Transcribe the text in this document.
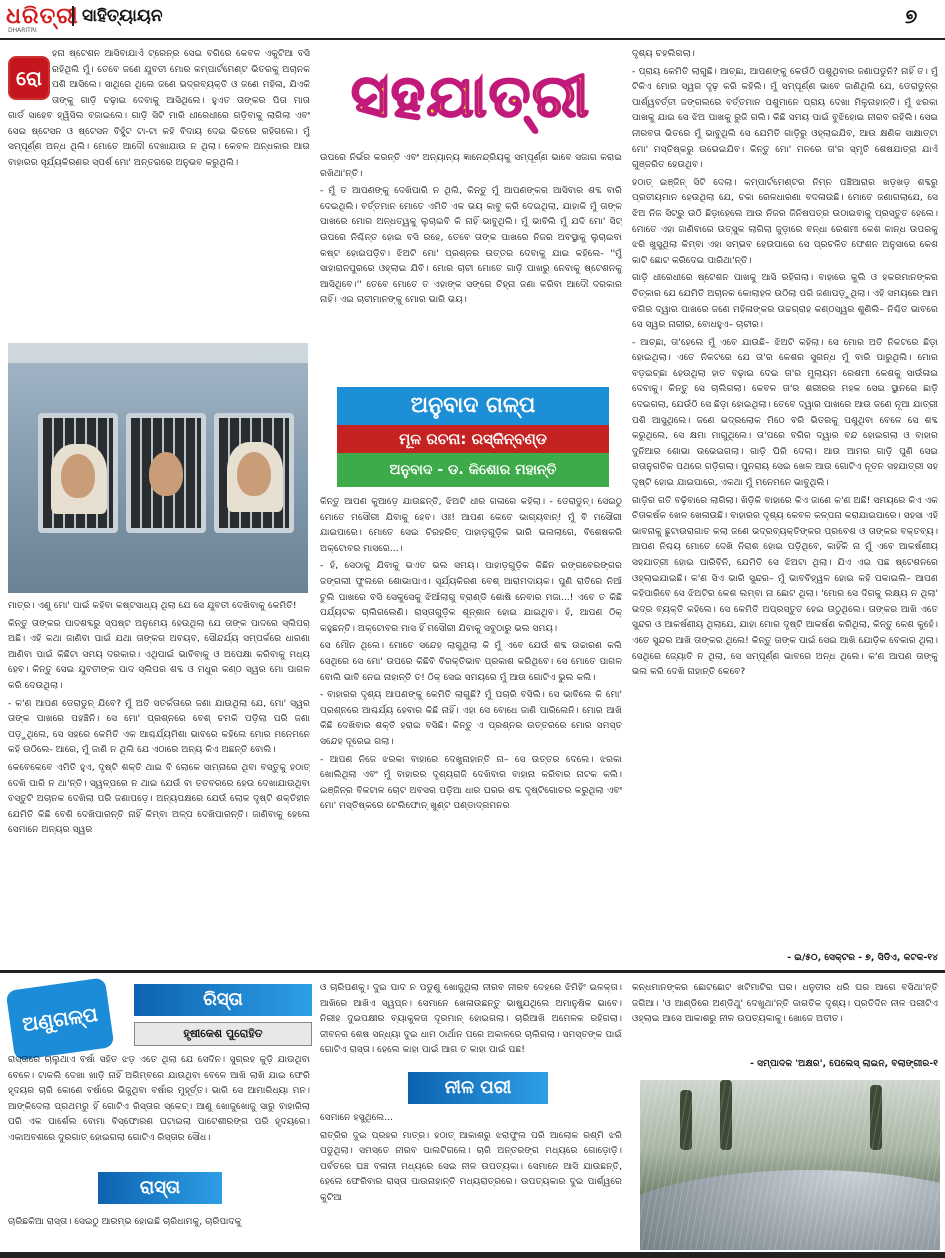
ଧରିତ୍ରୀ
DHARITRI
ସାହିତ୍ୟାୟନ	୭
ରୋ

ହନା ଷ୍ଟେଶନ ଆସିବାଯାଏଁ ଟ୍ରେନ୍‌ର ସେଇ ବଗିରେ କେବଳ ଏକୁଟିଆ ବସି ରହିଥିଲି ମୁଁ। ତେବେ ଜଣେ ଯୁବତୀ ମୋର କମ୍ପାର୍ଟମେଣ୍ଟ ଭିତରକୁ ଅଚାନକ ପଶି ଆସିଲେ। ସାଥିରେ ଥିଲେ ଜଣେ ଭଦ୍ରବ୍ୟକ୍ତି ଓ ଜଣେ ମହିଳା, ଯିଏକି ତାଙ୍କୁ ଗାଡ଼ି ଚଢ଼ାଇ ଦେବାକୁ ଆସିଥିଲେ। ହୁଏତ ତାଙ୍କର ପିତା ମାତା

ଗାର୍ଡ ସାହେବ ହ୍ୱିସିଲ ବଜାଇଲେ। ଗାଡ଼ି ସିଟି ମାରି ଧୀରେଧୀରେ ଗଡ଼ିବାକୁ ଲାଗିଲା ଏବଂ ସେଇ ଷ୍ଟେସନ ଓ ଷ୍ଟେସନ ବିହୁଁଟ ଟା-ଟା କହି ବିଦାୟ ଦେଇ ଭିତରେ ରହିଗଲେ। ମୁଁ ସମ୍ପୂର୍ଣ୍ଣ ଅନ୍ଧ ଥିଲି। ମୋତେ ଆଦୌ ଦେଖାଯାଉ ନ ଥିଲା। କେବଳ ଅନ୍ଧକାର ଆଉ ବାହାରର ସୂର୍ଯ୍ୟକିରଣର ସ୍ପର୍ଶ ମୋ' ଅନ୍ତରରେ ଅନୁଭବ କରୁଥିଲି।

ମାତ୍ର। ଏଣୁ ମୋ' ପାଇଁ କହିବା କଷ୍ଟସାଧ୍ୟ ଥିଲା ଯେ ସେ ଯୁବତୀ ଦେଖିବାକୁ କେମିତି!

କିନ୍ତୁ ତାଙ୍କର ପାଦଶବ୍ଦରୁ ସ୍ପଷ୍ଟ ଅନୁମେୟ ହେଉଥିଲା ଯେ ତାଙ୍କ ପାଦରେ ସ୍ଲିପର୍ ଅଛି। ଏହି କଥା ଜାଣିବା ପାଇଁ ଯଥା ତାଙ୍କର ଅବୟବ, ସୌନ୍ଦର୍ଯ୍ୟ ସମ୍ପର୍କରେ ଧାରଣା ଆଣିବା ପାଇଁ କିଛିଟା ସମୟ ଦରକାର। ଏଥିପାଇଁ ଭାବିବାକୁ ଓ ଅପେକ୍ଷା କରିବାକୁ ମଧ୍ୟ ହେବ। କିନ୍ତୁ ସେଇ ଯୁବତୀଙ୍କ ପାଦ ସ୍ଲିପର ଶବ୍ଦ ଓ ମଧୁର କଣ୍ଠ ସ୍ୱର ମୋ ପାଗଳ କରି ଦେଉଥିଲା।

- କ'ଣ ଆପଣ ଡେରାଡୁନ୍ ଯିବେ? ମୁଁ ଅତି ସତର୍କତାରେ ଜଣା ଯାଉଥିଲା ଯେ, ମୋ' ସ୍ୱର ତାଙ୍କ ପାଖରେ ପହଞ୍ଚିନି। ସେ ମୋ' ପ୍ରଶ୍ନରେ ବେଶ୍ ଚମକି ପଡ଼ିଲା ପରି ଜଣା ପଡ଼ୁଥିଲେ, ସେ ସହରେ କେମିତି ଏକ ଆଶ୍ଚର୍ଯ୍ୟମିଶା ଭାବରେ କହିଲେ ମୋର ମନେମନେ କହି ଉଠିଲେ- ଆରେ, ମୁଁ ଜାଣି ନ ଥିଲି ଯେ ଏଠାରେ ଅନ୍ୟ କିଏ ଅଛନ୍ତି ବୋଲି।

କେବେକେବେ ଏମିତି ହୁଏ, ଦୃଷ୍ଟି ଶକ୍ତି ଥାଇ ବି ଲୋକେ ସାମ୍ନାରେ ଥିବା ବସ୍ତୁକୁ ହଠାତ୍ ଦେଖି ପାରି ନ ଥା'ନ୍ତି। ସ୍ୱଳ୍ପରେ ନ ଥାଇ ଯେଉଁ ବା ତତବରରେ ହେଉ ଦେଖାଯାଉଥିବା ବସ୍ତୁଟି ଅଚାନକ ଦେଖିଲା ପରି ଜଣାପଡ଼େ। ଅନ୍ୟପକ୍ଷରେ ଯେଉଁ ଲୋକ ଦୃଷ୍ଟି ଶକ୍ତିହୀନ ଯେମିତି କିଛି ବେଶି ଦେଖିପାରନ୍ତି ନାହିଁ କିମ୍ବା ଅଳ୍ପ ଦେଖିପାରନ୍ତି। ଜାଣିବାକୁ ହେଲେ ସେମାନେ ଅନ୍ୟର ସ୍ୱର

ସହଯାତ୍ରୀ

ଉପରେ ନିର୍ଭର କରନ୍ତି ଏବଂ ଅନ୍ୟାନ୍ୟ ଜ୍ଞାନେନ୍ଦ୍ରିୟକୁ ସମ୍ପୂର୍ଣ୍ଣ ଭାବେ ସଜାଗ କରାଇ ରଖିଥା'ନ୍ତି।

- ମୁଁ ତ ଆପଣଙ୍କୁ ଦେଖିପାରି ନ ଥିଲି, କିନ୍ତୁ ମୁଁ ଆପଣଙ୍କର ଆସିବାର ଶବ୍ଦ ବାରି ଦେଇଥିଲି। ବର୍ତ୍ତମାନ ମୋତେ ଏମିତି ଏକ ଭୟ କାବୁ କରି ଦେଇଥିଲା, ଯାହାକି ମୁଁ ତାଙ୍କ ପାଖରେ ମୋର ଅନ୍ଧତ୍ୱକୁ ଲୁଚାଇବି କି ନାହିଁ ଭାବୁଥିଲି। ମୁଁ ଭାବିଲି ମୁଁ ଯଦି ମୋ' ସିଟ୍ ଉପରେ ନିଶ୍ଚିନ୍ତ ହୋଇ ବସି ରହେ, ତେବେ ତାଙ୍କ ପାଖରେ ନିଜର ଅବସ୍ଥାକୁ ଲୁଚାଇବା କଷ୍ଟ ହୋଇପଡ଼ିବ। ଝିଅଟି ମୋ' ପ୍ରଶ୍ନର ଉତ୍ତର ଦେବାକୁ ଯାଇ କହିଲେ- ''ମୁଁ ସାହାରାନପୁରରେ ଓହ୍ଲାଇ ଯିବି। ମୋର ଚାଚୀ ମୋତେ ଗାଡ଼ି ପାଖରୁ ନେବାକୁ ଷ୍ଟେଶନକୁ ଆସିଥିବେ।'' ତେବେ ମୋତେ ତ ଏହାଙ୍କ ସଙ୍ଗେ ଚିହ୍ନା ଜଣା କରିବା ଆଦୌ ଦରକାର ନାହିଁ। ଏଇ ଚାଚୀମାନଙ୍କୁ ମୋର ଭାରି ଭୟ।

ଅନୁବାଦ ଗଳ୍ପ
ମୂଳ ରଚନା: ରସ୍କିନ୍‌ବଣ୍ଡ
ଅନୁବାଦ - ଡ. କିଶୋର ମହାନ୍ତି

କିନ୍ତୁ ଆପଣ କୁଆଡ଼େ ଯାଉଛନ୍ତି, ଝିଅଟି ଧୀର ଗଳାରେ କହିଲା। - ଡେରାଡୁନ୍। ସେଇଠୁ ମୋତେ ମସୌରୀ ଯିବାକୁ ହେବ। ଓଃ! ଆପଣ କେତେ ଭାଗ୍ୟବାନ୍! ମୁଁ ବି ମସୌରୀ ଯାଇପାରେ। ମୋତେ ସେଇ ଚିରହରିତ୍ ପାହାଡ଼ଗୁଡ଼ିକ ଭାରି ଭଲଲାଗେ, ବିଶେଷକରି ଅକ୍ଟୋବର ମାସରେ...।

- ହଁ, ସେଠାକୁ ଯିବାକୁ ଭଏତ ଭଲ ସମୟ। ପାହାଡ଼ଗୁଡ଼ିକ କିଛିନ ରଙ୍ଗବେରଙ୍ଗର ଜଙ୍ଗଲୀ ଫୁଲରେ ଶୋଭାପାଏ। ସୂର୍ଯ୍ୟକିରଣ ବେଶ୍ ଆରାମଦାୟକ। ପୁଣି ରାତିରେ ନିଆଁ ଚୁଲି ପାଖରେ ବସି ସେକୁସେକୁ ଝିଆଁଲାଗୁ ବ୍ରାଣ୍ଡି ଶୋଷି ନେବାର ମଜା...! ଏବେ ତ କିଛି ପର୍ଯ୍ୟଟକ ଚାଲିଗଲେଣି। ରାସ୍ତାଗୁଡ଼ିକ ଶୂନ୍‌ଶାନ ହୋଇ ଯାଇଥିବ। ହଁ, ଆପଣ ଠିକ୍ କହୁଛନ୍ତି। ଅକ୍ଟୋବର ମାସ ହିଁ ମସୌରୀ ଯିବାକୁ ସବୁଠାରୁ ଭଲ ସମୟ।

ସେ ମୌନ ଥିଲେ। ମୋତେ ସନ୍ଦେହ ଲାଗୁଥିଲା କି ମୁଁ ଏବେ ଯେଉଁ ଶବ୍ଦ ଉଚ୍ଚାରଣ କଲି ସେଥିରେ ସେ ମୋ' ଉପରେ କିଛିବି ବିରକ୍ତିଭାବ ପ୍ରକାଶ କରିଥିବେ। ସେ ମୋତେ ପାଗଳ ବୋଲି ଭାବି ନେଇ ନାହାନ୍ତି ତ! ଠିକ୍ ସେଇ ସମୟରେ ମୁଁ ଆଉ ଗୋଟିଏ ଭୁଲ କଲି।

- ବାହାରର ଦୃଶ୍ୟ ଆପଣଙ୍କୁ କେମିତି ଲାଗୁଛି? ମୁଁ ପଚାରି ବସିଲି। ସେ ଭାବିଲେ କି ମୋ' ପ୍ରଶ୍ନରେ ଆଶ୍ଚର୍ଯ୍ୟ ହେବାର କିଛି ନାହିଁ। ଏହା ସେ ବୋଧେ ଜାଣି ପାରିଲେନି। ମୋର ଆଖି କିଛି ଦେଖିବାର ଶକ୍ତି ହରାଇ ବସିଛି। କିନ୍ତୁ ଏ ପ୍ରଶ୍ନର ଉତ୍ତରରେ ମୋର ସମସ୍ତ ସନ୍ଦେହ ଦୂରେଇ ଗଲା।

- ଆପଣ ନିଜେ ଝରକା ବାହାରେ ଦେଖୁନାହାନ୍ତି ନା– ସେ ଉତ୍ତର ଦେଲେ। ଝରକା ଖୋଲିଥିଲା ଏବଂ ମୁଁ ବାହାରର ଦୃଶ୍ୟରାଜି ଦେଖିବାର ବାହାନା କରିବାର ନାଟକ କଲି। ଇଞ୍ଜିନ୍‌ର ବିକଟାଳ ଚୋଟ ଅବସର ପଡ଼ିଆ ଧାର ଘରର ଶବ୍ଦ ଦୃଷ୍ଟିଗୋଚର କରୁଥିଲା ଏବଂ ମୋ' ମସ୍ତିଷ୍କରେ ଟେଲିଫୋନ୍ ଖୁଣ୍ଟ ପଣ୍ଡାଦ୍ଗମନର

ଦୃଶ୍ୟ ଚହଲିଗଲା।

- ପ୍ରାୟ କେମିତି ଲାଗୁଛି। ଆଚ୍ଛା, ଆପଣଙ୍କୁ କେଉଁଠି ପଶୁଥିବାର ଜଣାପଡୁନି? ନାହିଁ ତ। ମୁଁ ଟିକିଏ ମୋର ସ୍ୱର ଦୃଢ଼ କରି କହିଲି। ମୁଁ ସମ୍ପୂର୍ଣ୍ଣ ଭାବେ ଜାଣିଥିଲି ଯେ, ଡେରାଡୁନ୍‌ର ପାର୍ଶ୍ୱବର୍ତ୍ତୀ ଜଙ୍ଗଲରେ ବର୍ତ୍ତମାନ ପଶୁମାନେ ପ୍ରାୟ ଦେଖା ମିଳୁନାହାନ୍ତି। ମୁଁ ଝରକା ପାଖକୁ ଯାଇ ସେ ଝିଅ ପାଖକୁ ରୁଜି ଗଲି। କିଛି ସମୟ ପାଇଁ ବୁଝିହୋଇ ନୀରବ ରହିଲି। ସେଇ ନୀରବତା ଭିତରେ ମୁଁ ଭାବୁଥିଲି ସେ ଯେମିତି ଗାଡ଼ିରୁ ଓହ୍ଲାଇଯିବ, ଆଉ କ୍ଷଣିକ ସାକ୍ଷାତ୍‌ଟା ମୋ' ମସ୍ତିଷ୍କରୁ ଉଭେଇଯିବ। କିନ୍ତୁ ମୋ' ମନରେ ତା'ର ସ୍ମୃତି ଶେଷଯାତ୍ରା ଯାଏଁ ଗୁଞ୍ଜରିତ ହେଉଥିବ।

ହଠାତ୍ ଇଞ୍ଜିନ୍ ସିଟି ଦେଲା। କମ୍ପାର୍ଟମେଣ୍ଟର ନିମ୍ନ ପଞ୍ଚିଆରାର ଖଡ଼ଖଡ଼ ଶବ୍ଦରୁ ପ୍ରତୀୟମାନ ହେଉଥିଲା ଯେ, ଚକା ରେଳଧାରଣା ବଦଳାଉଛି। ମୋତେ ଜଣାଗଲାଯେ, ସେ ଝିଅ ନିଜ ସିଟ୍‌ରୁ ଉଠି ଛିଡ଼ାହେଲେ ଆଉ ନିଜର ଜିନିଷପତ୍ର ଉଠାଇବାକୁ ପ୍ରସ୍ତୁତ ହେଲେ। ମୋତେ ଏହା ଜାଣିବାରେ ଉତ୍ସୁକ ଲାଗିଲା ଜୁଡ଼ାରେ ବନ୍ଧା ରେଶମୀ କେଶ କାନ୍ଧ ଉପରକୁ ଝରି ଖୁସୁଥିଲା କିମ୍ବା ଏହା ସମ୍ଭବ ହେଉପାରେ ସେ ପ୍ରଚଳିତ ଫେଶନ ଅନୁସାରେ କେଶ କାଟି ଛୋଟ କରିଦେଇ ପାରିଥା'ନ୍ତି।

ଗାଡ଼ି ଧୀରେଧୀରେ ଷ୍ଟେଶନ ପାଖକୁ ଆସି ରହିଗଲା। ବାହାରେ କୁଲି ଓ ହକରମାନଙ୍କର ଚିତ୍କାର ଯେ ଯେମିତି ଅଚାନକ କୋଲାହଳ ଉଠିଲା ପରି ଜଣାପଡ଼ୁଥିଲା। ଏହି ସମୟରେ ଆମ ବଗିର ଦ୍ୱାର ପାଖରେ ଜଣେ ମହିଳାଙ୍କର ଉଚ୍ଚଗ୍ରାହ କଣ୍ଠସ୍ୱର ଶୁଣିଲି– ନିଶ୍ଚିତ ଭାବରେ ସେ ସ୍ୱର ନାରୀର, ବୋଧହୁଏ– ଚାଚୀର।

- ଆଚ୍ଛା, ତା'ହେଲେ ମୁଁ ଏବେ ଯାଉଛି– ଝିଅଟି କହିଲା। ସେ ମୋର ଅତି ନିକଟରେ ଛିଡ଼ା ହୋଇଥିଲା। ଏତେ ନିକଟରେ ଯେ ତା'ର କେଶର ସୁଗନ୍ଧ ମୁଁ ବାରି ପାରୁଥିଲି। ମୋର ବଡ଼ଇଚ୍ଛା ହେଉଥିଲା ହାତ ବଢ଼ାଇ ଦେଇ ତା'ର ମୁଲାୟମ ରେଶମୀ କେଶକୁ ସାଉଁଳାଇ ଦେବାକୁ। କିନ୍ତୁ ସେ ଚାଲିଗଲା। କେବଳ ତା'ର ଶରୀରର ମହକ ସେଇ ସ୍ଥାନରେ ଛାଡ଼ି ଦେଇଗଲା, ଯେଉଁଠି ସେ ଛିଡ଼ା ହୋଇଥିଲା। ତେବେ ଦ୍ୱାର ପାଖରେ ଆଉ ଜଣେ ନୂଆ ଯାତ୍ରୀ ପଶି ଆସୁଥିଲେ। ଜଣେ ଭଦ୍ରଲୋକ ମିଠେ ବରି ଭିତରକୁ ପଶୁଥିବା ବେଳେ ସେ ଶବ୍ଦ କରୁଥିଲେ, ସେ କ୍ଷମା ମାଗୁଥିଲେ। ତା'ପରେ ବଗିର ଦ୍ୱାର ବନ୍ଦ ହୋଇଗଲା ଓ ବାହାର ଦୁନିଆର ଶୋଭା ଉଭେଇଗଲା। ଗାଡ଼ି ଘିରି ଦେଲା। ଆଉ ଆମର ଗାଡ଼ି ପୁଣି ସେଇ ଗତାନୁଗତିକ ପଥରେ ଗଡ଼ିଗଲା। ପୁନରାୟ ସେଇ ଖେଳ ଆଉ ଗୋଟିଏ ନୂତନ ସହଯାତ୍ରୀ ସହ ଦୃଷ୍ଟି ହୋଇ ଯାଇପାରେ, ଏକଥା ମୁଁ ମନେମନେ ଭାବୁଥିଲି।

ଗାଡ଼ିର ଗତି ବଢ଼ିବାରେ ଲାଗିଲା। ଖିଡ଼ିକି ବାହାରେ କିଏ ଜାଣେ କ'ଣ ଅଛି! ସମୟରେ କିଏ ଏକ ଚିତାକର୍ଷକ ଖେଳ ଖେଳାଉଛି। ବାହାରର ଦୃଶ୍ୟ କେବଳ କଳ୍ପନା କରାଯାଇପାରେ। ସହସା ଏହି ଭାବନାକୁ ଛୁଟାଉରାଗାତ କଲା ଜଣେ ଭଦ୍ରବ୍ୟକ୍ତିଙ୍କର ପ୍ରବେଶ ଓ ତାଙ୍କର ବକ୍ତବ୍ୟ। ଆପଣ ନିଶ୍ଚୟ ମୋତେ ଦେଖି ନିରାଶ ହୋଇ ପଡ଼ିଥିବେ, କାହିଁକି ନା ମୁଁ ଏବେ ଆକର୍ଷଣୀୟ ସହଯାତ୍ରୀ ହୋଇ ପାରିବିନି, ଯେମିତି ସେ ଝିଅଟା ଥିଲା। ଯିଏ ଏଇ ପଛ ଷ୍ଟେଶନରେ ଓହ୍ଲାଇଯାଇଛି। କ'ଣ ସିଏ ଭାରି ସୁନ୍ଦର– ମୁଁ ଭାବବିହ୍ୱଳ ହୋଇ କହି ପକାଇଲି– ଆପଣ କହିପାରିବେ ସେ ଝିଅଟିର କେଶ ଲମ୍ବା ନା ଛୋଟ ଥିଲା। 'ମୋର ସେ ଦିଗକୁ ଲକ୍ଷ୍ୟ ନ ଥିଲା' ଭଦ୍ର ବ୍ୟକ୍ତି କହିଲେ। ସେ କେମିତି ଅପ୍ରସ୍ତୁତ ହେଇ ଉଠୁଥିଲେ। ତାଙ୍କର ଆଖି ଏତେ ସୁନ୍ଦର ଓ ଆକର୍ଷଣୀୟ ଥିଲାଯେ, ଯାହା ମୋର ଦୃଷ୍ଟି ଆକର୍ଷଣ କରିଥିଲା, କିନ୍ତୁ କେଶ କୁହେଁ। ଏତେ ସୁନ୍ଦର ଆଖି ତାଙ୍କର ଥିଲେ! କିନ୍ତୁ ତାଙ୍କ ପାଇଁ ସେଇ ଆଖି ଯୋଡ଼ିକ ବେକାର ଥିଲା। ସେଥିରେ ଜ୍ୟୋତି ନ ଥିଲା, ସେ ସମ୍ପୂର୍ଣ୍ଣ ଭାବରେ ଅନ୍ଧ ଥିଲେ। କ'ଣ ଆପଣ ତାଙ୍କୁ ଭଲ କରି ଦେଖି ନାହାନ୍ତି କେବେ?

- ଇ/୫୦, ସେକ୍ଟର - ୭, ସିଡିଏ, କଟକ-୧୪
ଅଣୁଗଳ୍ପ
ରିସ୍ତା
ହୃଷୀକେଶ ପୁରୋହିତ

ରାସ୍ତାରେ ଚାଲୁଥାଏ ବର୍ଷା ସହିତ ଝଡ଼ ଏତେ ଥିଲା ଯେ ସେଦିନ। ସୁଗ୍ରହ କୁଡ଼ି ଯାଉଥିବା ବେଳେ। ଟାକଲି ଦେଖା ଖାଡ଼ି ନାହିଁ ଅଗିମ୍ବରେ ଯାଉଥିବା ବେଳେ ଆଖି ଲାଖି ଯାଇ ଫେରି ହୃଦୟର ଚାରି କୋଣେ ବର୍ଷାରେ ଭିଜୁଥିବା ବର୍ଷାର ମୁହୂର୍ତ୍ତ। ଭାରି ସେ ଆମାରିଧ୍ୟା ମନ। ଆଙ୍କିଦେଲା ପ୍ରଥମରୁ ହିଁ ଗୋଟିଏ ରିସ୍ତାର ସ୍କେଚ୍। ଆଣୁ ଖୋଜୁଖୋଜୁ ସାରୁ ବାହାରିଲା ପରି ଏକ ପାର୍ଶେଲ ବୋମା ବିସ୍ଫୋରଣ ଘଟାଇଲା ପାଟେଶୀରଙ୍ଗ ପରି ହୃଦୟରେ। ଏକାଅବଶରେ ଦୁରଗାତ୍ ହୋଇଗଲା ଗୋଟିଏ ରିସ୍ତାର ସୌଧ।

ରାସ୍ତା

ଚାରିଛକିଆ ରାସ୍ତା। ସେଇଠୁ ଆରମ୍ଭ ହୋଇଛି ଚାରିଧାମକୁ, ଚାରିପାଦକୁ

ଓ ଚାରିପଣକୁ। ଦୁଇ ପାଦ ନ ପଡୁଣୁ ଖୋଜୁଥିଲା ନୀରବ ନୀରବ ଦେହରେ ଝିମିହିଂ ଇଳକ୍ତା। ଆଖିରେ ଆଖିଏ ସ୍ୱପ୍ନ। ସେମାନେ ଖେଳାଉଛନ୍ତୁ ଭାଷ୍ଯୁଥିଲେ ଅମାନୁଷିକ ଭାବେ। ନିରୀହ ଦୁଇପକ୍ଷୀର ବ୍ୟାକୁଳତା ଦୂରମାନ୍ ହୋଇଗଲା। ଚାରିଆଖି ଅମେଳକ ରହିଗଲା। ଜୀବନର ଶେଷ ସନ୍ଧ୍ୟା ଦୁଇ ଧାମ ଠାର୍ଥାନ ପରେ ଅକାଳରେ ଚାଲିଗଲା। ସମସ୍ତଙ୍କ ପାଇଁ ଗୋଟିଏ ରାସ୍ତା। ହେଲେ କାହା ପାଇଁ ଆଗ ତ କାହା ପାଇଁ ପଛ!

ନୀଳ ପରୀ

ସେମାନେ ହସୁଥିଲେ...

ରାତ୍ରିର ଦୁଇ ପ୍ରହର ମାତ୍ର। ହଠାତ୍ ଆକାଶରୁ ଝରାଫୁଲ ପରି ଆଲୋକ ରଶ୍ମି ଝରି ପଡୁଥିଲା। ସମସ୍ତେ ନୀରବ ପାଲଟିଗଲେ। ଚାରି ଅନ୍ତରଙ୍ଗ ମଧ୍ୟରେ ଗୋଡ଼ୋଡ଼ି। ପର୍ବତରେ ଘଞ୍ଚ ବଳାନୀ ମଧ୍ୟରେ ସେଇ ନୀଳ ଉପତ୍ୟକା। ସେମାନେ ଆସି ଯାଉଛନ୍ତି, ହେଲେ ଫେରିବାର ରାସ୍ତା ପାଉନାହାନ୍ତି ମଧ୍ୟରାତ୍ରରେ। ଉପତ୍ୟକାର ଦୁଇ ପାର୍ଶ୍ୱରେ କୁଟିଆ

କନ୍ଧମାନଙ୍କର ଛୋଟଛୋଟ ଖଟିମାଟିର ଘର। ଧନୁତୀର ଧରି ଘର ଆଗେ ବସିଥା'ନ୍ତି ଜଗିଆ। 'ଓ ଆଣ୍ଡିରେ ଅଣ୍ଡିଥୁ' ଦେଖୁଥା'ନ୍ତି ଜାଗତିକ ଦୃଶ୍ୟ। ପ୍ରତିଦିନ ନୀଳ ପରୀଟିଏ ଓହ୍ଲାଇ ଆସେ ଆକାଶରୁ ନୀଳ ଉପତ୍ୟକାକୁ। ଖୋଜେ ଅତୀତ।

- ସମ୍ପାଦକ 'ଅକ୍ଷର', ପେଲେସ୍ ଲାଇନ, ବଲାଙ୍ଗୀର-୧
